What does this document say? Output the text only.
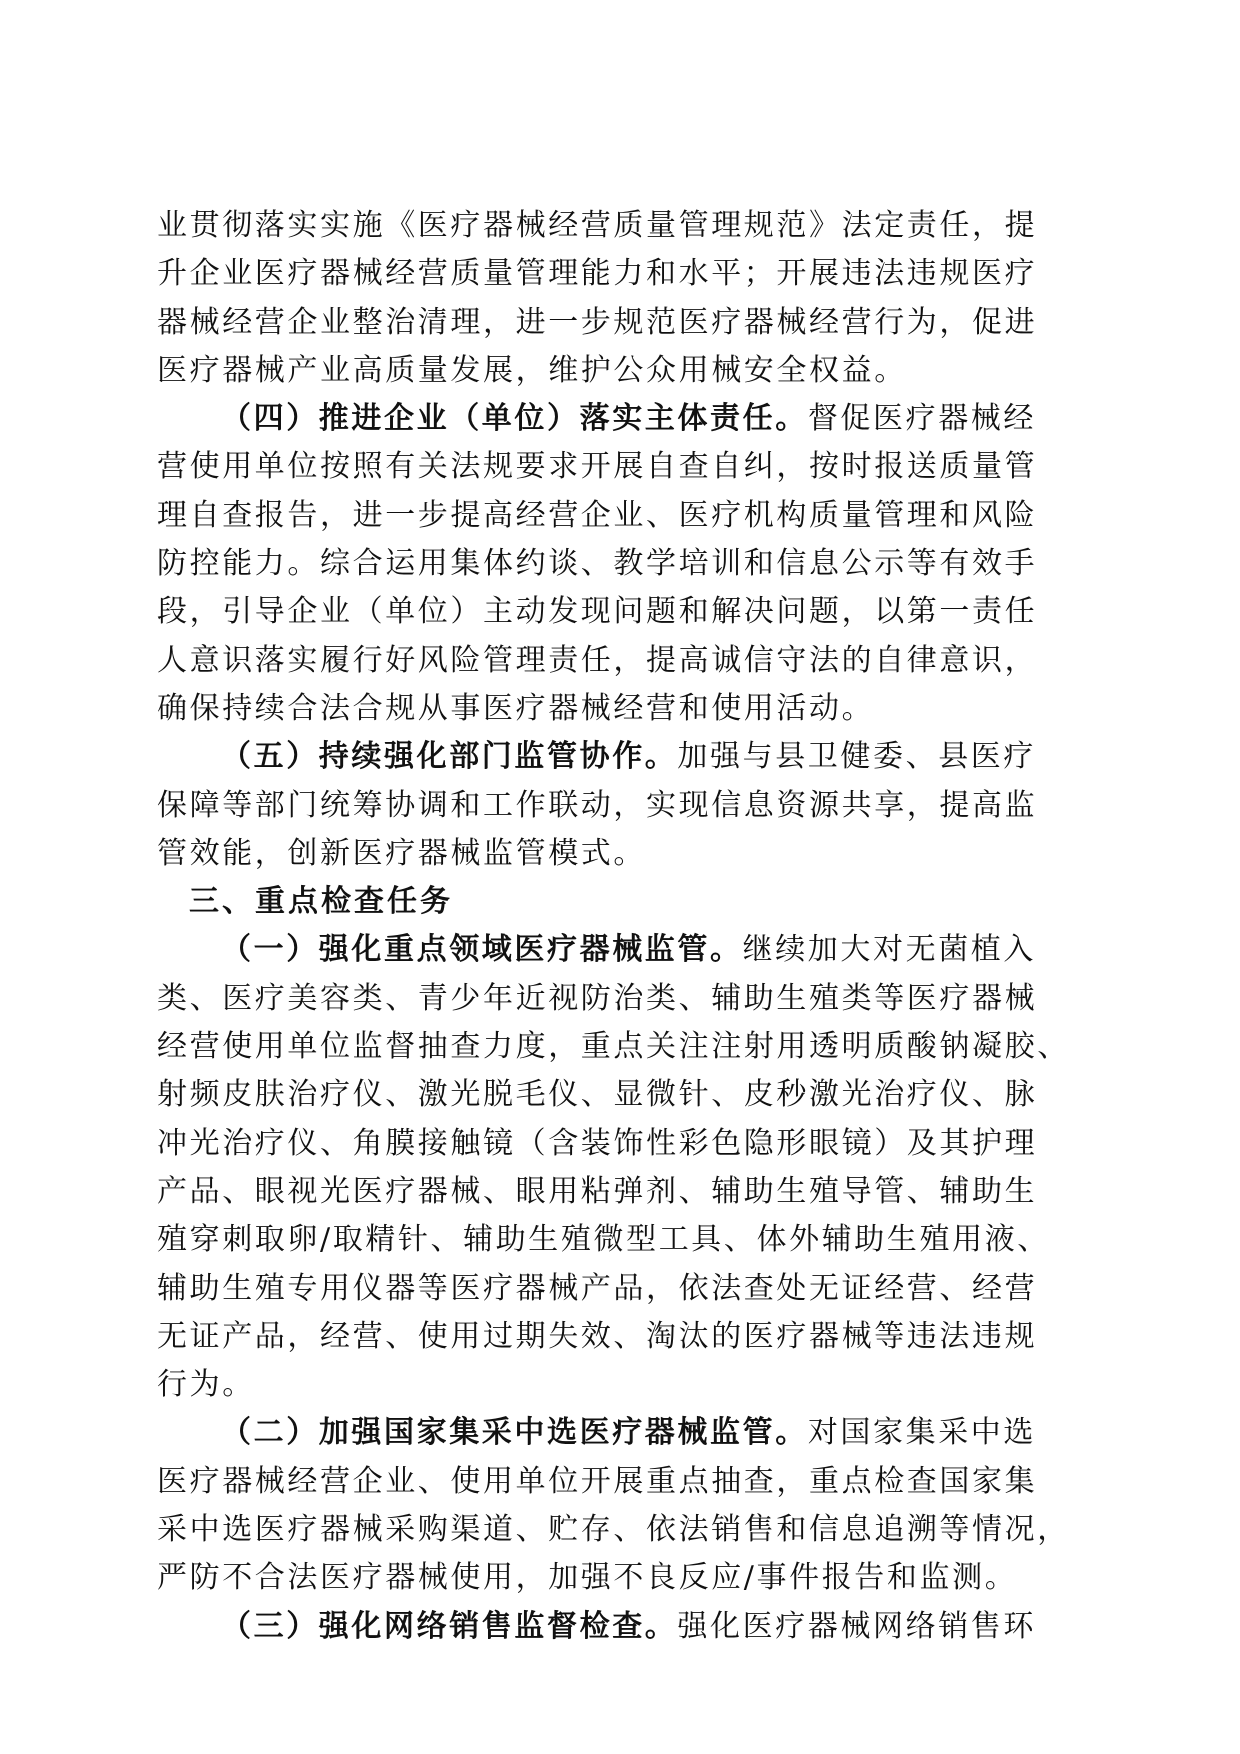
业贯彻落实实施《医疗器械经营质量管理规范》法定责任，提
升企业医疗器械经营质量管理能力和水平；开展违法违规医疗
器械经营企业整治清理，进一步规范医疗器械经营行为，促进
医疗器械产业高质量发展，维护公众用械安全权益。
（四）推进企业（单位）落实主体责任。督促医疗器械经
营使用单位按照有关法规要求开展自查自纠，按时报送质量管
理自查报告，进一步提高经营企业、医疗机构质量管理和风险
防控能力。综合运用集体约谈、教学培训和信息公示等有效手
段，引导企业（单位）主动发现问题和解决问题，以第一责任
人意识落实履行好风险管理责任，提高诚信守法的自律意识，
确保持续合法合规从事医疗器械经营和使用活动。
（五）持续强化部门监管协作。加强与县卫健委、县医疗
保障等部门统筹协调和工作联动，实现信息资源共享，提高监
管效能，创新医疗器械监管模式。
三、重点检查任务
（一）强化重点领域医疗器械监管。继续加大对无菌植入
类、医疗美容类、青少年近视防治类、辅助生殖类等医疗器械
经营使用单位监督抽查力度，重点关注注射用透明质酸钠凝胶、
射频皮肤治疗仪、激光脱毛仪、显微针、皮秒激光治疗仪、脉
冲光治疗仪、角膜接触镜（含装饰性彩色隐形眼镜）及其护理
产品、眼视光医疗器械、眼用粘弹剂、辅助生殖导管、辅助生
殖穿刺取卵/取精针、辅助生殖微型工具、体外辅助生殖用液、
辅助生殖专用仪器等医疗器械产品，依法查处无证经营、经营
无证产品，经营、使用过期失效、淘汰的医疗器械等违法违规
行为。
（二）加强国家集采中选医疗器械监管。对国家集采中选
医疗器械经营企业、使用单位开展重点抽查，重点检查国家集
采中选医疗器械采购渠道、贮存、依法销售和信息追溯等情况，
严防不合法医疗器械使用，加强不良反应/事件报告和监测。
（三）强化网络销售监督检查。强化医疗器械网络销售环
